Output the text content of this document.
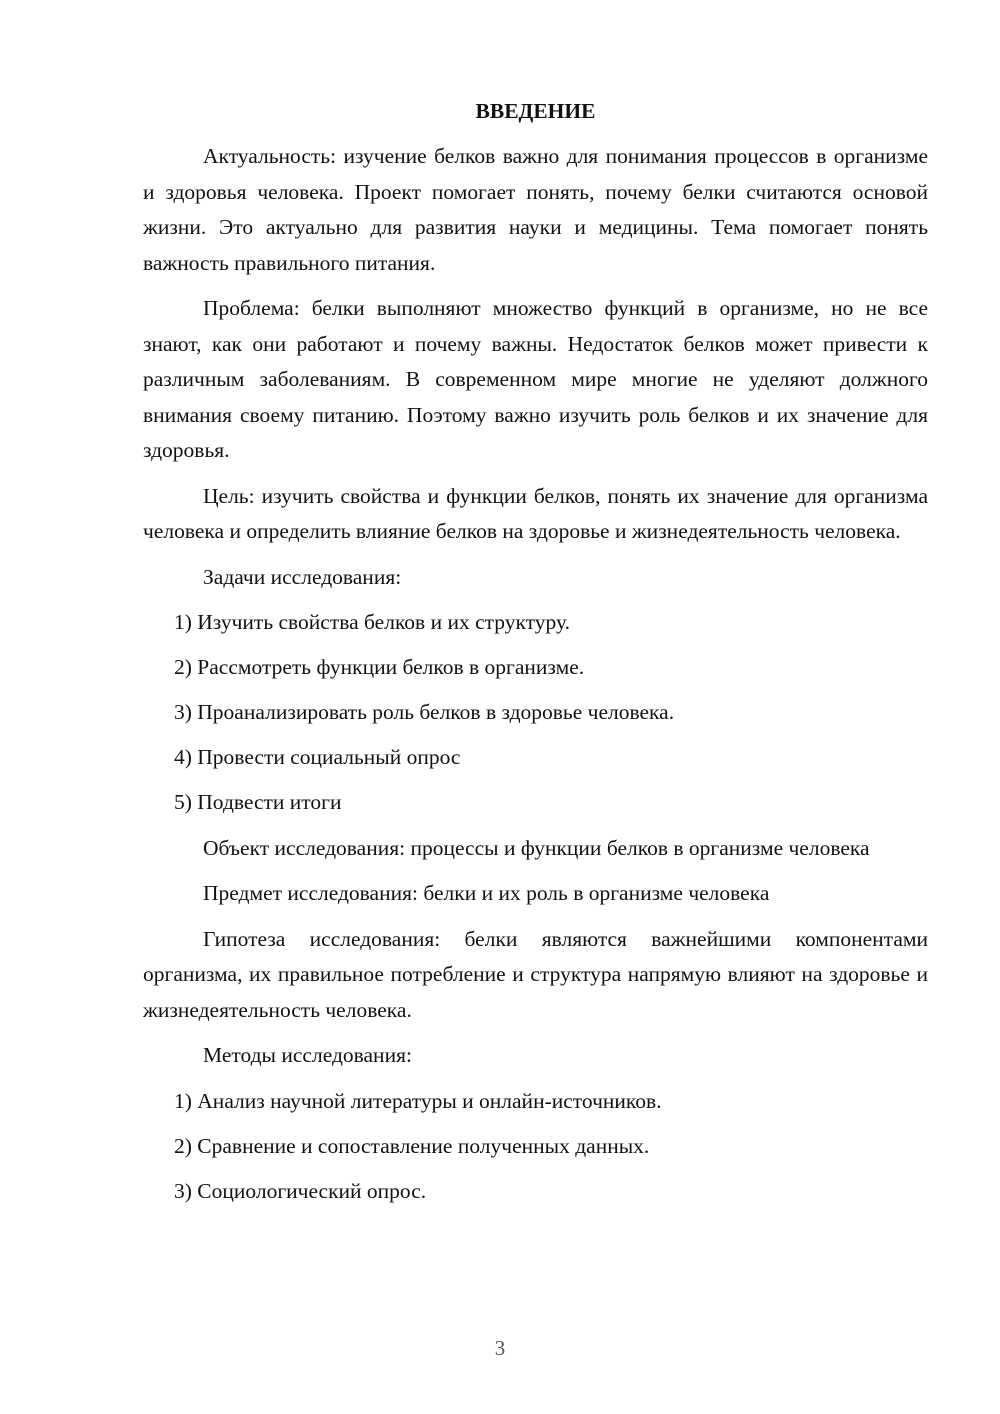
ВВЕДЕНИЕ

Актуальность: изучение белков важно для понимания процессов в организме и здоровья человека. Проект помогает понять, почему белки считаются основой жизни. Это актуально для развития науки и медицины. Тема помогает понять важность правильного питания.

Проблема: белки выполняют множество функций в организме, но не все знают, как они работают и почему важны. Недостаток белков может привести к различным заболеваниям. В современном мире многие не уделяют должного внимания своему питанию. Поэтому важно изучить роль белков и их значение для здоровья.

Цель: изучить свойства и функции белков, понять их значение для организма человека и определить влияние белков на здоровье и жизнедеятельность человека.

Задачи исследования:
1) Изучить свойства белков и их структуру.
2) Рассмотреть функции белков в организме.
3) Проанализировать роль белков в здоровье человека.
4) Провести социальный опрос
5) Подвести итоги

Объект исследования: процессы и функции белков в организме человека

Предмет исследования: белки и их роль в организме человека

Гипотеза исследования: белки являются важнейшими компонентами организма, их правильное потребление и структура напрямую влияют на здоровье и жизнедеятельность человека.

Методы исследования:
1) Анализ научной литературы и онлайн-источников.
2) Сравнение и сопоставление полученных данных.
3) Социологический опрос.
3
